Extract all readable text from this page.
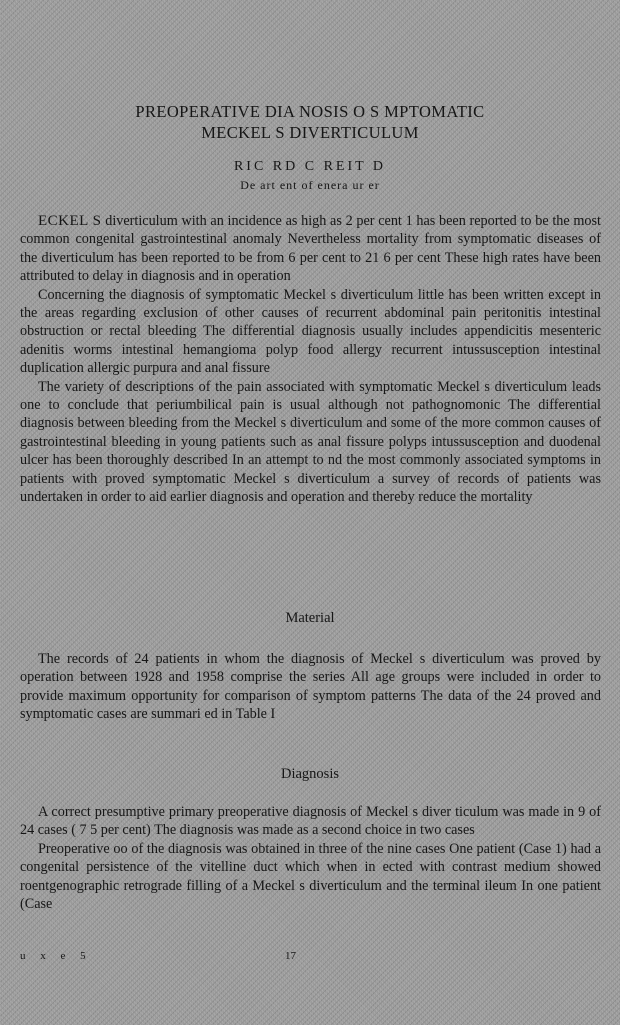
PREOPERATIVE DIA NOSIS O S MPTOMATIC
MECKEL S DIVERTICULUM
RIC RD C REIT D
De art ent of enera ur er

ECKEL S diverticulum with an incidence as high as 2 per cent 1 has been reported to be the most common congenital gastrointestinal anomaly Nevertheless mortality from symptomatic diseases of the diverticulum has been reported to be from 6 per cent to 21 6 per cent These high rates have been attributed to delay in diagnosis and in operation

Concerning the diagnosis of symptomatic Meckel s diverticulum little has been written except in the areas regarding exclusion of other causes of recurrent abdominal pain peritonitis intestinal obstruction or rectal bleeding The differential diagnosis usually includes appendicitis mesenteric adenitis worms intestinal hemangioma polyp food allergy recurrent intussusception intestinal duplication allergic purpura and anal fissure

The variety of descriptions of the pain associated with symptomatic Meckel s diverticulum leads one to conclude that periumbilical pain is usual although not pathognomonic The differential diagnosis between bleeding from the Meckel s diverticulum and some of the more common causes of gastrointestinal bleeding in young patients such as anal fissure polyps intussusception and duodenal ulcer has been thoroughly described In an attempt to nd the most commonly associated symptoms in patients with proved symptomatic Meckel s diverticulum a survey of records of patients was undertaken in order to aid earlier diagnosis and operation and thereby reduce the mortality

Material

The records of 24 patients in whom the diagnosis of Meckel s diverticulum was proved by operation between 1928 and 1958 comprise the series All age groups were included in order to provide maximum opportunity for comparison of symptom patterns The data of the 24 proved and symptomatic cases are summari ed in Table I

Diagnosis

A correct presumptive primary preoperative diagnosis of Meckel s diver ticulum was made in 9 of 24 cases ( 7 5 per cent) The diagnosis was made as a second choice in two cases

Preoperative oo of the diagnosis was obtained in three of the nine cases One patient (Case 1) had a congenital persistence of the vitelline duct which when in ected with contrast medium showed roentgenographic retrograde filling of a Meckel s diverticulum and the terminal ileum In one patient (Case

u x e 5	17
